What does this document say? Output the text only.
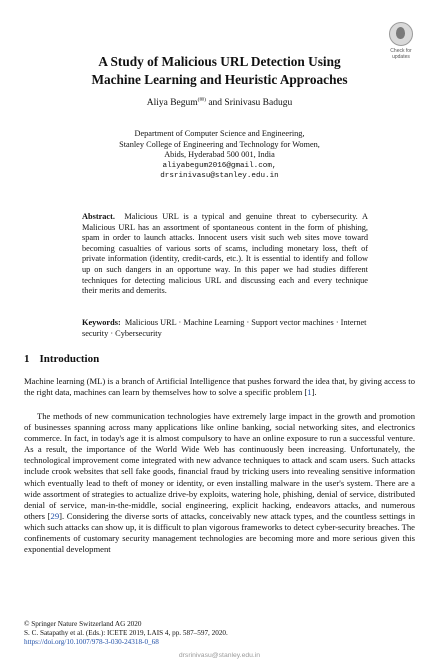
Check for
updates
A Study of Malicious URL Detection Using
Machine Learning and Heuristic Approaches
Aliya Begum(✉) and Srinivasu Badugu
Department of Computer Science and Engineering,
Stanley College of Engineering and Technology for Women,
Abids, Hyderabad 500 001, India
aliyabegum2016@gmail.com,
drsrinivasu@stanley.edu.in

Abstract. Malicious URL is a typical and genuine threat to cybersecurity. A Malicious URL has an assortment of spontaneous content in the form of phishing, spam in order to launch attacks. Innocent users visit such web sites move toward becoming casualties of various sorts of scams, including monetary loss, theft of private information (identity, credit-cards, etc.). It is essential to identify and follow up on such dangers in an opportune way. In this paper we had studies different techniques for detecting malicious URL and discussing each and every technique their merits and demerits.

Keywords: Malicious URL · Machine Learning · Support vector machines · Internet security · Cybersecurity

1 Introduction

Machine learning (ML) is a branch of Artificial Intelligence that pushes forward the idea that, by giving access to the right data, machines can learn by themselves how to solve a specific problem [1].

The methods of new communication technologies have extremely large impact in the growth and promotion of businesses spanning across many applications like online banking, social networking sites, and electronics commerce. In fact, in today's age it is almost compulsory to have an online exposure to run a successful venture. As a result, the importance of the World Wide Web has continuously been increasing. Unfortunately, the technological improvement come integrated with new advance techniques to attack and scam users. Such attacks include crook websites that sell fake goods, financial fraud by tricking users into revealing sensitive information which eventually lead to theft of money or identity, or even installing malware in the user's system. There are a wide assortment of strategies to actualize drive-by exploits, watering hole, phishing, denial of service, distributed denial of service, man-in-the-middle, social engineering, explicit hacking, endeavors attacks, and numerous others [29]. Considering the diverse sorts of attacks, conceivably new attack types, and the countless settings in which such attacks can show up, it is difficult to plan vigorous frameworks to detect cyber-security breaches. The confinements of customary security management technologies are becoming more and more serious given this exponential development

© Springer Nature Switzerland AG 2020
S. C. Satapathy et al. (Eds.): ICETE 2019, LAIS 4, pp. 587–597, 2020.
https://doi.org/10.1007/978-3-030-24318-0_68
drsrinivasu@stanley.edu.in
